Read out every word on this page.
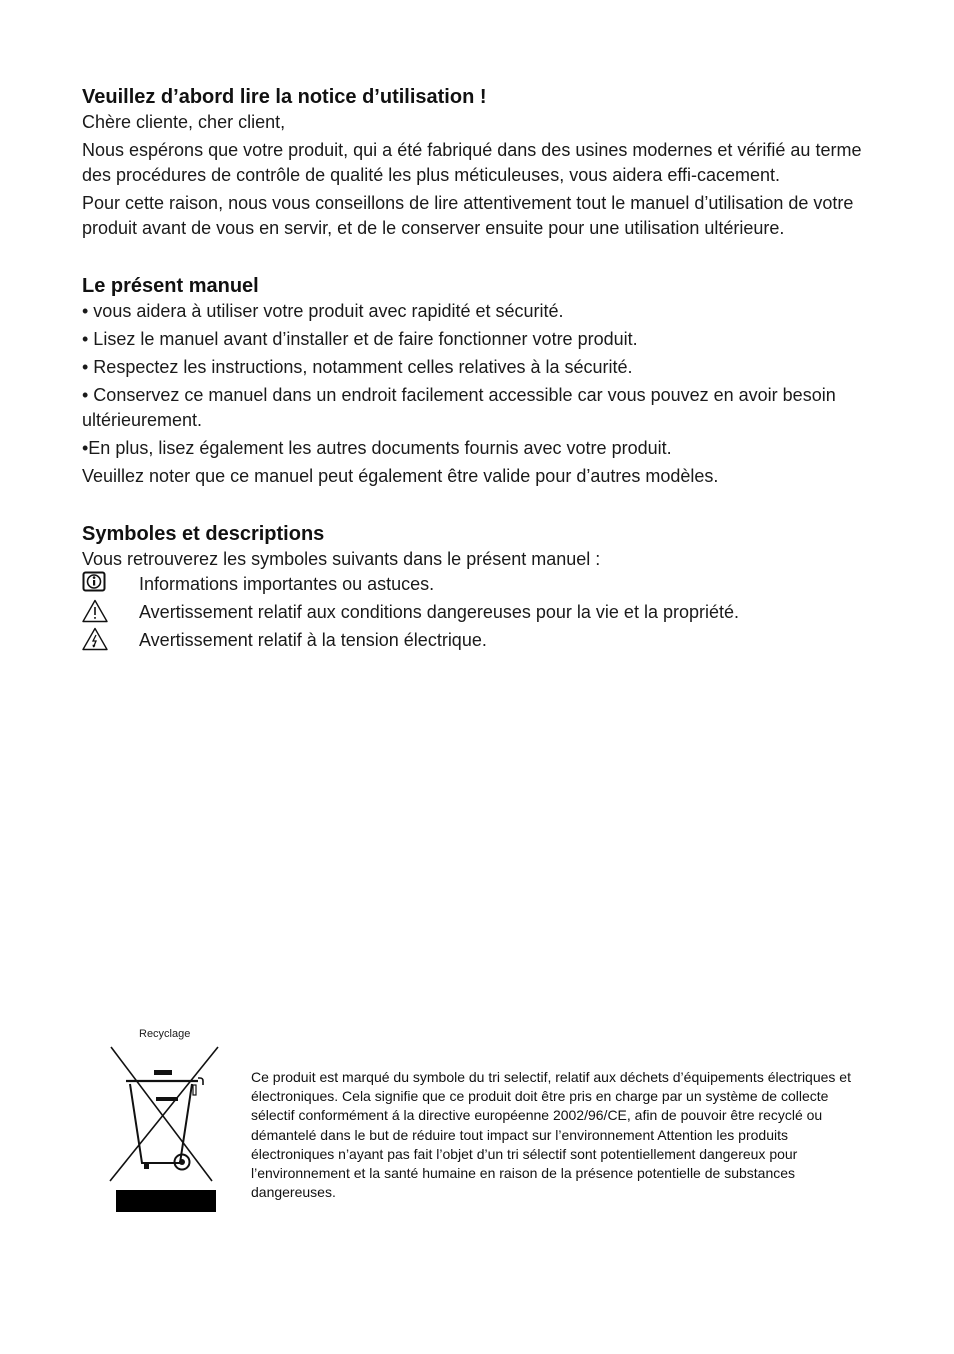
Veuillez d’abord lire la notice d’utilisation !

Chère cliente, cher client,

Nous espérons que votre produit, qui a été fabriqué dans des usines modernes et vérifié au terme des procédures de contrôle de qualité les plus méticuleuses, vous aidera effi-cacement.

Pour cette raison, nous vous conseillons de lire attentivement tout le manuel d’utilisation de votre produit avant de vous en servir, et de le conserver ensuite pour une utilisation ultérieure.

Le présent manuel

• vous aidera à utiliser votre produit avec rapidité et sécurité.

• Lisez le manuel avant d’installer et de faire fonctionner votre produit.

• Respectez les instructions, notamment celles relatives à la sécurité.

• Conservez ce manuel dans un endroit facilement accessible car vous pouvez en avoir besoin ultérieurement.

•En plus, lisez également les autres documents fournis avec votre produit.

Veuillez noter que ce manuel peut également être valide pour d’autres modèles.

Symboles et descriptions

Vous retrouverez les symboles suivants dans le présent manuel :

Informations importantes ou astuces.
Avertissement relatif aux conditions dangereuses pour la vie et la propriété.
Avertissement relatif à la tension électrique.
Recyclage
Ce produit est marqué du symbole du tri selectif, relatif aux déchets d’équipements électriques et électroniques. Cela signifie que ce produit doit être pris en charge par un système de collecte sélectif conformément á la directive européenne 2002/96/CE, afin de pouvoir être recyclé ou démantelé dans le but de réduire tout impact sur l’environnement Attention les produits électroniques n’ayant pas fait l’objet d’un tri sélectif sont potentiellement dangereux pour l’environnement et la santé humaine en raison de la présence potentielle de substances dangereuses.
